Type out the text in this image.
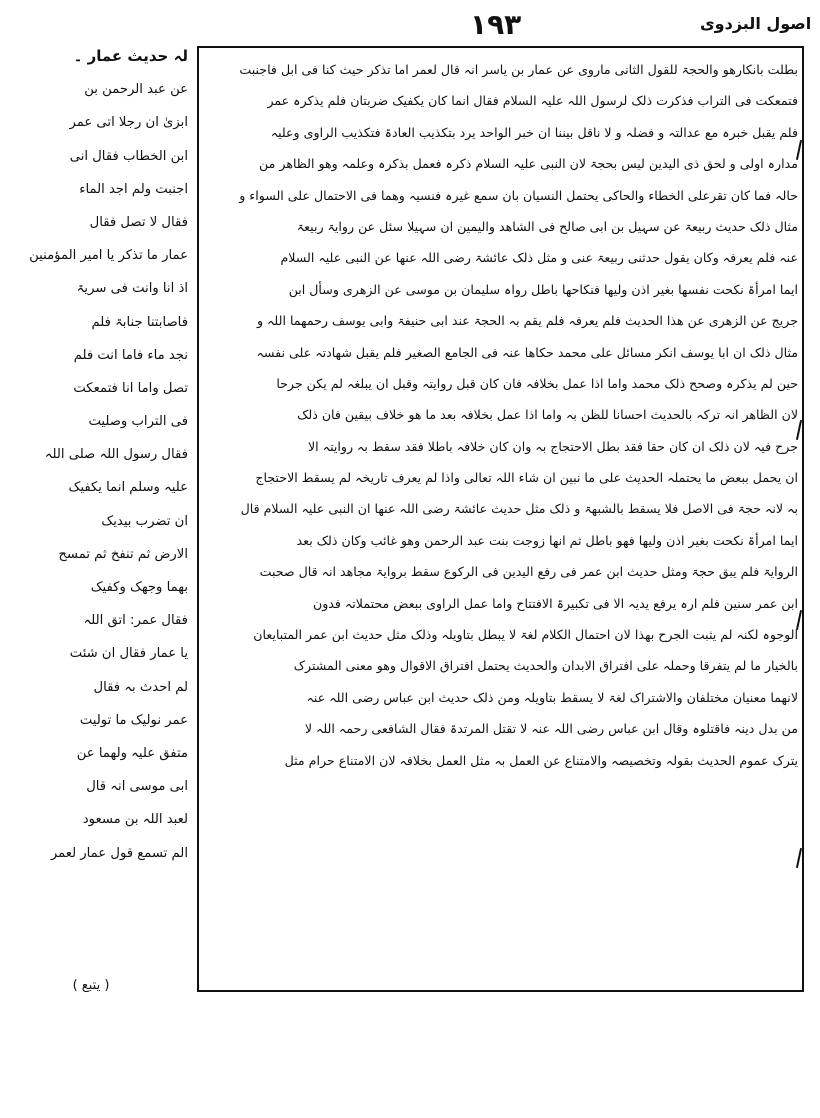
١٩٣	اصول البزدوی
بطلت بانکارهو والحجۃ للقول الثانی ماروی عن عمار بن یاسر انہ قال لعمر اما تذکر حیث کنا فی ابل فاجنبت
فتمعکت فی التراب فذکرت ذلک لرسول اللہ علیہ السلام فقال انما کان یکفیک ضربتان فلم یذکرہ عمر
فلم یقبل خبرہ مع عدالتہ و فضلہ و لا ناقل بیننا ان خبر الواحد یرد بتکذیب العادۃ فتکذیب الراوی وعلیہ
مدارہ اولی و لحق ذی الیدین لیس بحجۃ لان النبی علیہ السلام ذکرہ فعمل بذکرہ وعلمہ وھو الظاھر من
حالہ فما کان تقرعلی الخطاء والحاکی یحتمل النسیان بان سمع غیرہ فنسیہ وھما فی الاحتمال علی السواء و
مثال ذلک حدیث ربیعۃ عن سہیل بن ابی صالح فی الشاھد والیمین ان سہیلا سئل عن روایۃ ربیعۃ
عنہ فلم یعرفہ وکان یقول حدثنی ربیعۃ عنی و مثل ذلک عائشۃ رضی اللہ عنھا عن النبی علیہ السلام
ایما امرأۃ نکحت نفسھا بغیر اذن ولیھا فنکاحھا باطل رواہ سلیمان بن موسی عن الزھری وسأل ابن
جریج عن الزھری عن ھذا الحدیث فلم یعرفہ فلم یقم بہ الحجۃ عند ابی حنیفۃ وابی یوسف رحمھما اللہ و
مثال ذلک ان ابا یوسف انکر مسائل علی محمد حکاھا عنہ فی الجامع الصغیر فلم یقبل شھادتہ علی نفسہ
حین لم یذکرہ وصحح ذلک محمد واما اذا عمل بخلافہ فان کان قبل روایتہ وقبل ان یبلغہ لم یکن جرحا
لان الظاھر انہ ترکہ بالحدیث احسانا للظن بہ واما اذا عمل بخلافہ بعد ما ھو خلاف بیقین فان ذلک
جرح فیہ لان ذلک ان کان حقا فقد بطل الاحتجاج بہ وان کان خلافہ باطلا فقد سقط بہ روایتہ الا
ان یحمل ببعض ما یحتملہ الحدیث علی ما نبین ان شاء اللہ تعالی واذا لم یعرف تاریخہ لم یسقط الاحتجاج
بہ لانہ حجۃ فی الاصل فلا یسقط بالشبھۃ و ذلک مثل حدیث عائشۃ رضی اللہ عنھا ان النبی علیہ السلام قال
ایما امرأۃ نکحت بغیر اذن ولیھا فھو باطل ثم انھا زوجت بنت عبد الرحمن وھو غائب وکان ذلک بعد
الروایۃ فلم یبق حجۃ ومثل حدیث ابن عمر فی رفع الیدین فی الرکوع سقط بروایۃ مجاھد انہ قال صحبت
ابن عمر سنین فلم ارہ یرفع یدیہ الا فی تکبیرۃ الافتتاح واما عمل الراوی ببعض محتملاتہ فدون
الوجوہ لکنہ لم یثبت الجرح بھذا لان احتمال الکلام لغۃ لا یبطل بتاویلہ وذلک مثل حدیث ابن عمر المتبایعان
بالخیار ما لم یتفرقا وحملہ علی افتراق الابدان والحدیث یحتمل افتراق الاقوال وھو معنی المشترک
لانھما معنیان مختلفان والاشتراک لغۃ لا یسقط بتاویلہ ومن ذلک حدیث ابن عباس رضی اللہ عنہ
من بدل دینہ فاقتلوہ وقال ابن عباس رضی اللہ عنہ لا تقتل المرتدۃ فقال الشافعی رحمہ اللہ لا
یترک عموم الحدیث بقولہ وتخصیصہ والامتناع عن العمل بہ مثل العمل بخلافہ لان الامتناع حرام مثل
لہ حدیث عمار ۔
عن عبد الرحمن بن
ابزیٰ ان رجلا اتی عمر
ابن الخطاب فقال انی
اجنبت ولم اجد الماء
فقال لا تصل فقال
عمار ما تذکر یا امیر المؤمنین
اذ انا وانت فی سریۃ
فاصابتنا جنابۃ فلم
نجد ماء فاما انت فلم
تصل واما انا فتمعکت
فی التراب وصلیت
فقال رسول اللہ صلی اللہ
علیہ وسلم انما یکفیک
ان تضرب بیدیک
الارض ثم تنفخ ثم تمسح
بھما وجھک وکفیک
فقال عمر: اتق اللہ
یا عمار فقال ان شئت
لم احدث بہ فقال
عمر نولیک ما تولیت
متفق علیہ ولھما عن
ابی موسی انہ قال
لعبد اللہ بن مسعود
الم تسمع قول عمار لعمر
( یتبع )
